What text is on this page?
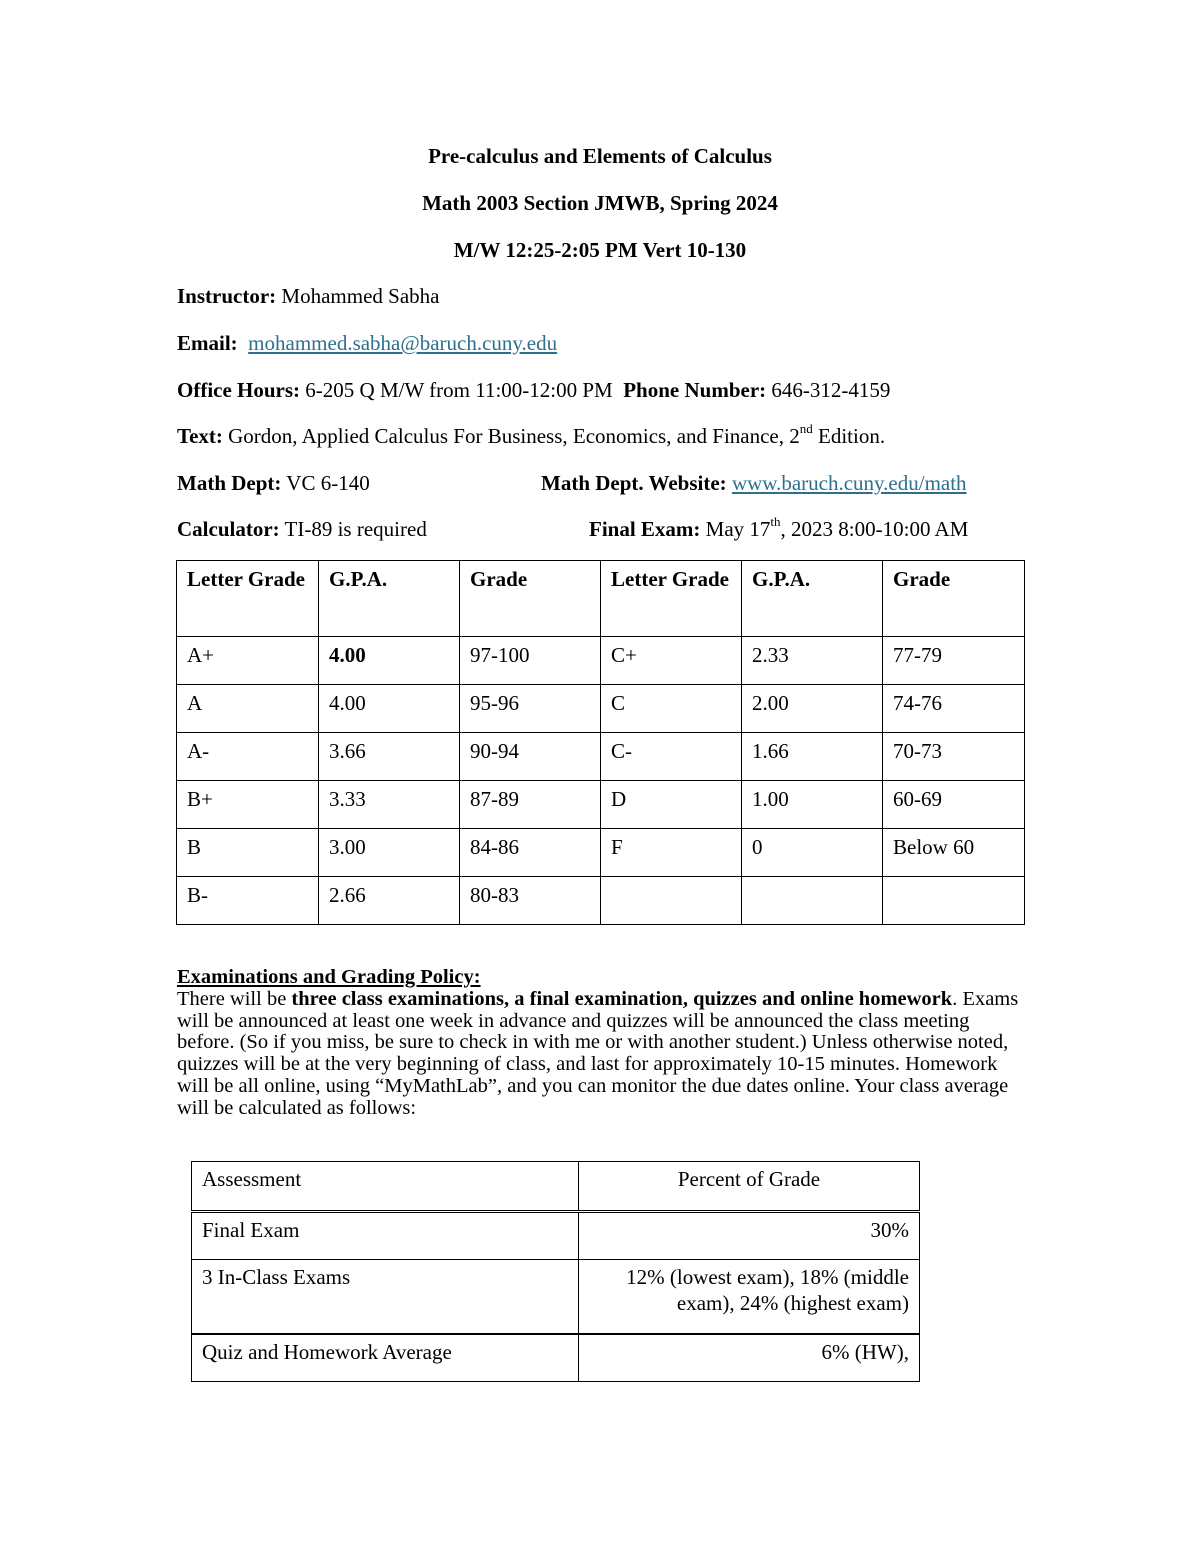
Pre-calculus and Elements of Calculus
Math 2003 Section JMWB, Spring 2024
M/W 12:25-2:05 PM Vert 10-130
Instructor: Mohammed Sabha
Email: mohammed.sabha@baruch.cuny.edu
Office Hours: 6-205 Q M/W from 11:00-12:00 PM Phone Number: 646-312-4159
Text: Gordon, Applied Calculus For Business, Economics, and Finance, 2nd Edition.
Math Dept: VC 6-140	Math Dept. Website: www.baruch.cuny.edu/math
Calculator: TI-89 is required	Final Exam: May 17th, 2023 8:00-10:00 AM
Letter Grade	G.P.A.	Grade	Letter Grade	G.P.A.	Grade
A+	4.00	97-100	C+	2.33	77-79
A	4.00	95-96	C	2.00	74-76
A-	3.66	90-94	C-	1.66	70-73
B+	3.33	87-89	D	1.00	60-69
B	3.00	84-86	F	0	Below 60
B-	2.66	80-83			
Examinations and Grading Policy:
There will be three class examinations, a final examination, quizzes and online homework. Exams will be announced at least one week in advance and quizzes will be announced the class meeting before. (So if you miss, be sure to check in with me or with another student.) Unless otherwise noted, quizzes will be at the very beginning of class, and last for approximately 10-15 minutes. Homework will be all online, using “MyMathLab”, and you can monitor the due dates online. Your class average will be calculated as follows:
Assessment	Percent of Grade
Final Exam	30%
3 In-Class Exams	12% (lowest exam), 18% (middle exam), 24% (highest exam)
Quiz and Homework Average	6% (HW),
